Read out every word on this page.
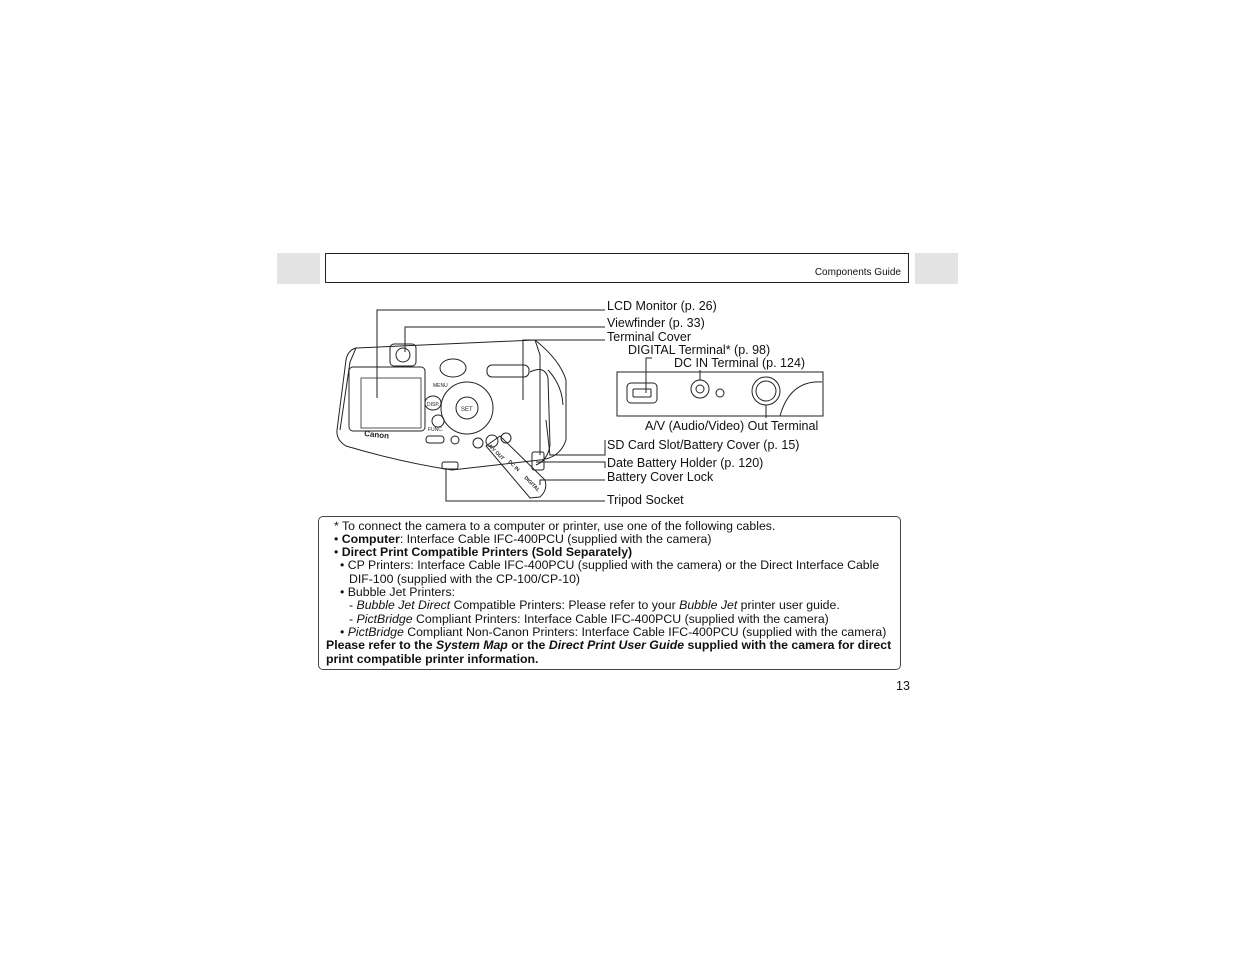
Components Guide
Canon
MENU
DISP.
FUNC.
SET
A/V OUT
DC IN
DIGITAL
LCD Monitor (p. 26)
Viewfinder (p. 33)
Terminal Cover
DIGITAL Terminal* (p. 98)
DC IN Terminal (p. 124)
A/V (Audio/Video) Out Terminal
SD Card Slot/Battery Cover (p. 15)
Date Battery Holder (p. 120)
Battery Cover Lock
Tripod Socket
* To connect the camera to a computer or printer, use one of the following cables.
• Computer: Interface Cable IFC-400PCU (supplied with the camera)
• Direct Print Compatible Printers (Sold Separately)
• CP Printers: Interface Cable IFC-400PCU (supplied with the camera) or the Direct Interface Cable
DIF-100 (supplied with the CP-100/CP-10)
• Bubble Jet Printers:
- Bubble Jet Direct Compatible Printers: Please refer to your Bubble Jet printer user guide.
- PictBridge Compliant Printers: Interface Cable IFC-400PCU (supplied with the camera)
• PictBridge Compliant Non-Canon Printers: Interface Cable IFC-400PCU (supplied with the camera)
Please refer to the System Map or the Direct Print User Guide supplied with the camera for direct
print compatible printer information.
13
